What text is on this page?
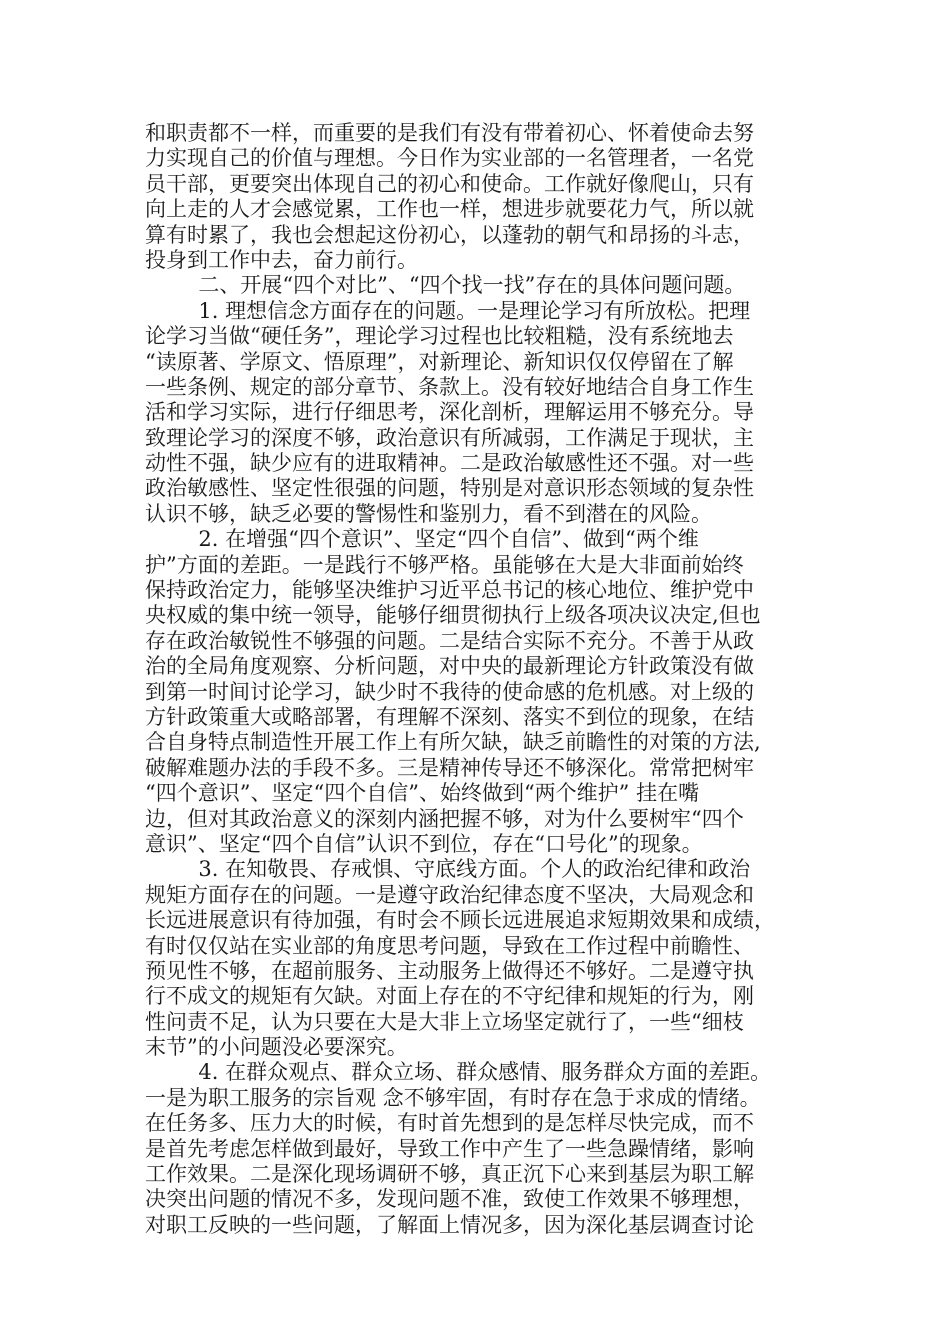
和职责都不一样，而重要的是我们有没有带着初心、怀着使命去努
力实现自己的价值与理想。今日作为实业部的一名管理者，一名党
员干部，更要突出体现自己的初心和使命。工作就好像爬山，只有
向上走的人才会感觉累，工作也一样，想进步就要花力气，所以就
算有时累了，我也会想起这份初心，以蓬勃的朝气和昂扬的斗志，
投身到工作中去，奋力前行。
二、开展“四个对比”、“四个找一找”存在的具体问题问题。
1. 理想信念方面存在的问题。一是理论学习有所放松。把理
论学习当做“硬任务”，理论学习过程也比较粗糙，没有系统地去
“读原著、学原文、悟原理”，对新理论、新知识仅仅停留在了解
一些条例、规定的部分章节、条款上。没有较好地结合自身工作生
活和学习实际，进行仔细思考，深化剖析，理解运用不够充分。导
致理论学习的深度不够，政治意识有所减弱，工作满足于现状，主
动性不强，缺少应有的进取精神。二是政治敏感性还不强。对一些
政治敏感性、坚定性很强的问题，特别是对意识形态领域的复杂性
认识不够，缺乏必要的警惕性和鉴别力，看不到潜在的风险。
2. 在增强“四个意识”、坚定“四个自信”、做到“两个维
护”方面的差距。一是践行不够严格。虽能够在大是大非面前始终
保持政治定力，能够坚决维护习近平总书记的核心地位、维护党中
央权威的集中统一领导，能够仔细贯彻执行上级各项决议决定,但也
存在政治敏锐性不够强的问题。二是结合实际不充分。不善于从政
治的全局角度观察、分析问题，对中央的最新理论方针政策没有做
到第一时间讨论学习，缺少时不我待的使命感的危机感。对上级的
方针政策重大或略部署，有理解不深刻、落实不到位的现象，在结
合自身特点制造性开展工作上有所欠缺，缺乏前瞻性的对策的方法,
破解难题办法的手段不多。三是精神传导还不够深化。常常把树牢
“四个意识”、坚定“四个自信”、始终做到“两个维护” 挂在嘴
边，但对其政治意义的深刻内涵把握不够，对为什么要树牢“四个
意识”、坚定“四个自信”认识不到位，存在“口号化”的现象。
3. 在知敬畏、存戒惧、守底线方面。个人的政治纪律和政治
规矩方面存在的问题。一是遵守政治纪律态度不坚决，大局观念和
长远进展意识有待加强，有时会不顾长远进展追求短期效果和成绩，
有时仅仅站在实业部的角度思考问题，导致在工作过程中前瞻性、
预见性不够，在超前服务、主动服务上做得还不够好。二是遵守执
行不成文的规矩有欠缺。对面上存在的不守纪律和规矩的行为，刚
性问责不足，认为只要在大是大非上立场坚定就行了，一些“细枝
末节”的小问题没必要深究。
4. 在群众观点、群众立场、群众感情、服务群众方面的差距。
一是为职工服务的宗旨观 念不够牢固，有时存在急于求成的情绪。
在任务多、压力大的时候，有时首先想到的是怎样尽快完成，而不
是首先考虑怎样做到最好，导致工作中产生了一些急躁情绪，影响
工作效果。二是深化现场调研不够，真正沉下心来到基层为职工解
决突出问题的情况不多，发现问题不准，致使工作效果不够理想，
对职工反映的一些问题，了解面上情况多，因为深化基层调查讨论
